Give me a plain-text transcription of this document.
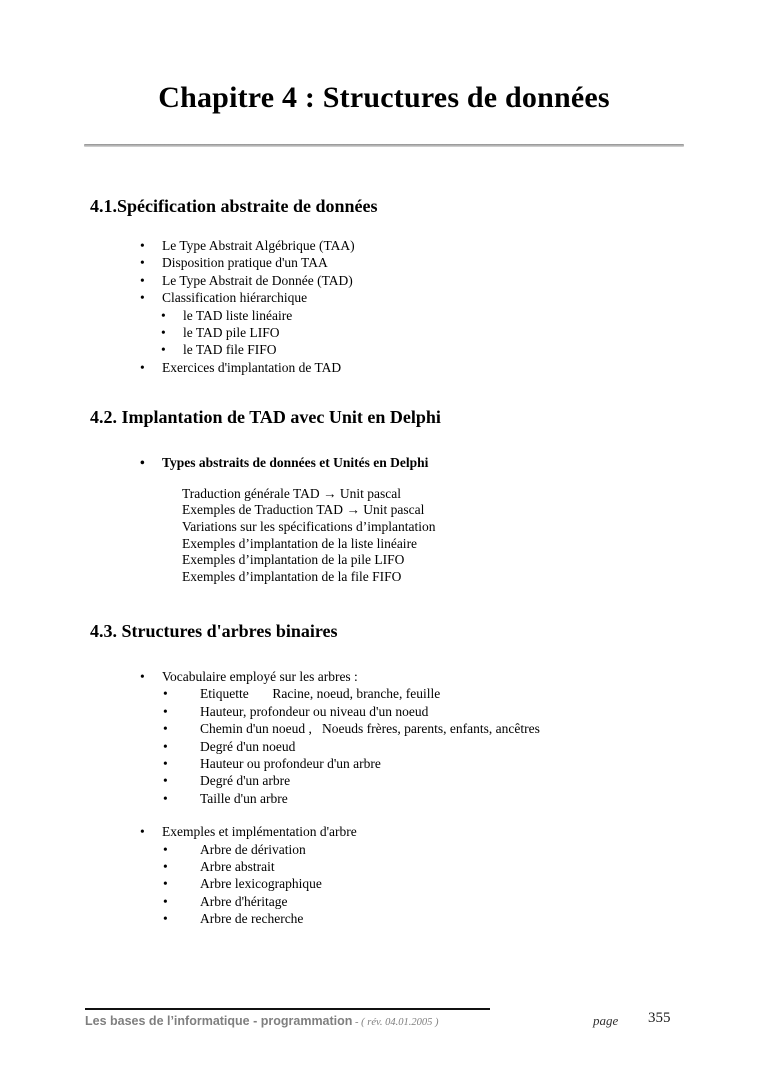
Chapitre 4 : Structures de données
4.1.Spécification abstraite de données
•	Le Type Abstrait Algébrique (TAA)
•	Disposition pratique d'un TAA
•	Le Type Abstrait de Donnée (TAD)
•	Classification hiérarchique
•	le TAD liste linéaire
•	le TAD pile LIFO
•	le TAD file FIFO
•	Exercices d'implantation de TAD
4.2. Implantation de TAD avec Unit en Delphi
•	Types abstraits de données et Unités en Delphi
Traduction générale TAD → Unit pascal
Exemples de Traduction TAD → Unit pascal
Variations sur les spécifications d’implantation
Exemples d’implantation de la liste linéaire
Exemples d’implantation de la pile LIFO
Exemples d’implantation de la file FIFO
4.3. Structures d'arbres binaires
•	Vocabulaire employé sur les arbres :
•	Etiquette       Racine, noeud, branche, feuille
•	Hauteur, profondeur ou niveau d'un noeud
•	Chemin d'un noeud ,   Noeuds frères, parents, enfants, ancêtres
•	Degré d'un noeud
•	Hauteur ou profondeur d'un arbre
•	Degré d'un arbre
•	Taille d'un arbre
•	Exemples et implémentation d'arbre
•	Arbre de dérivation
•	Arbre abstrait
•	Arbre lexicographique
•	Arbre d'héritage
•	Arbre de recherche
Les bases de l’informatique - programmation - ( rév. 04.01.2005 )	page 355
